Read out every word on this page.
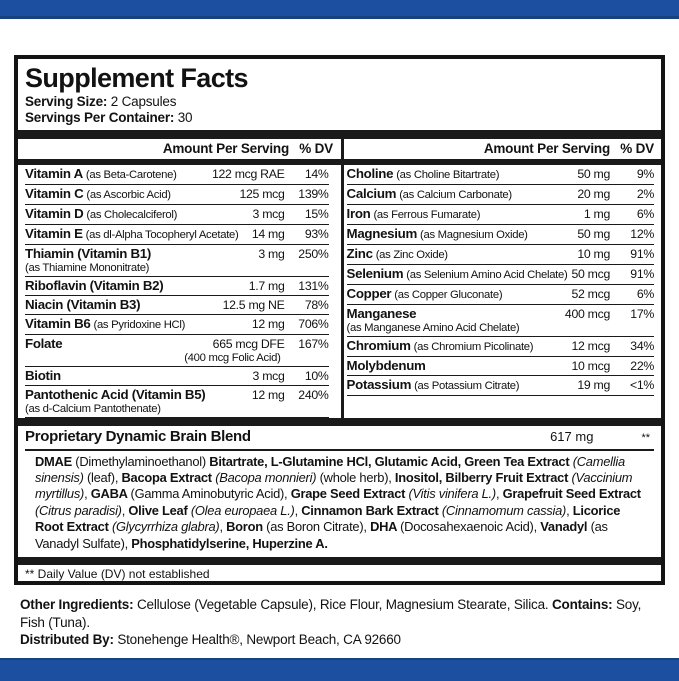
Supplement Facts
Serving Size: 2 Capsules
Servings Per Container: 30
Amount Per Serving % DV	Amount Per Serving % DV
Vitamin A (as Beta-Carotene)	122 mcg RAE	14%
Vitamin C (as Ascorbic Acid)	125 mcg	139%
Vitamin D (as Cholecalciferol)	3 mcg	15%
Vitamin E (as dl-Alpha Tocopheryl Acetate) 14 mg	93%
Thiamin (Vitamin B1)	3 mg	250%
(as Thiamine Mononitrate)
Riboflavin (Vitamin B2)	1.7 mg	131%
Niacin (Vitamin B3)	12.5 mg NE	78%
Vitamin B6 (as Pyridoxine HCl)	12 mg	706%
Folate	665 mcg DFE	167%
(400 mcg Folic Acid)
Biotin	3 mcg	10%
Pantothenic Acid (Vitamin B5)	12 mg	240%
(as d-Calcium Pantothenate)
Choline (as Choline Bitartrate)	50 mg	9%
Calcium (as Calcium Carbonate)	20 mg	2%
Iron (as Ferrous Fumarate)	1 mg	6%
Magnesium (as Magnesium Oxide)	50 mg	12%
Zinc (as Zinc Oxide)	10 mg	91%
Selenium (as Selenium Amino Acid Chelate) 50 mcg	91%
Copper (as Copper Gluconate)	52 mcg	6%
Manganese	400 mcg	17%
(as Manganese Amino Acid Chelate)
Chromium (as Chromium Picolinate)	12 mcg	34%
Molybdenum	10 mcg	22%
Potassium (as Potassium Citrate)	19 mg	<1%
Proprietary Dynamic Brain Blend	617 mg	**
DMAE (Dimethylaminoethanol) Bitartrate, L-Glutamine HCl, Glutamic Acid, Green Tea Extract (Camellia sinensis) (leaf), Bacopa Extract (Bacopa monnieri) (whole herb), Inositol, Bilberry Fruit Extract (Vaccinium myrtillus), GABA (Gamma Aminobutyric Acid), Grape Seed Extract (Vitis vinifera L.), Grapefruit Seed Extract (Citrus paradisi), Olive Leaf (Olea europaea L.), Cinnamon Bark Extract (Cinnamomum cassia), Licorice Root Extract (Glycyrrhiza glabra), Boron (as Boron Citrate), DHA (Docosahexaenoic Acid), Vanadyl (as Vanadyl Sulfate), Phosphatidylserine, Huperzine A.
** Daily Value (DV) not established
Other Ingredients: Cellulose (Vegetable Capsule), Rice Flour, Magnesium Stearate, Silica. Contains: Soy, Fish (Tuna).
Distributed By: Stonehenge Health®, Newport Beach, CA 92660
